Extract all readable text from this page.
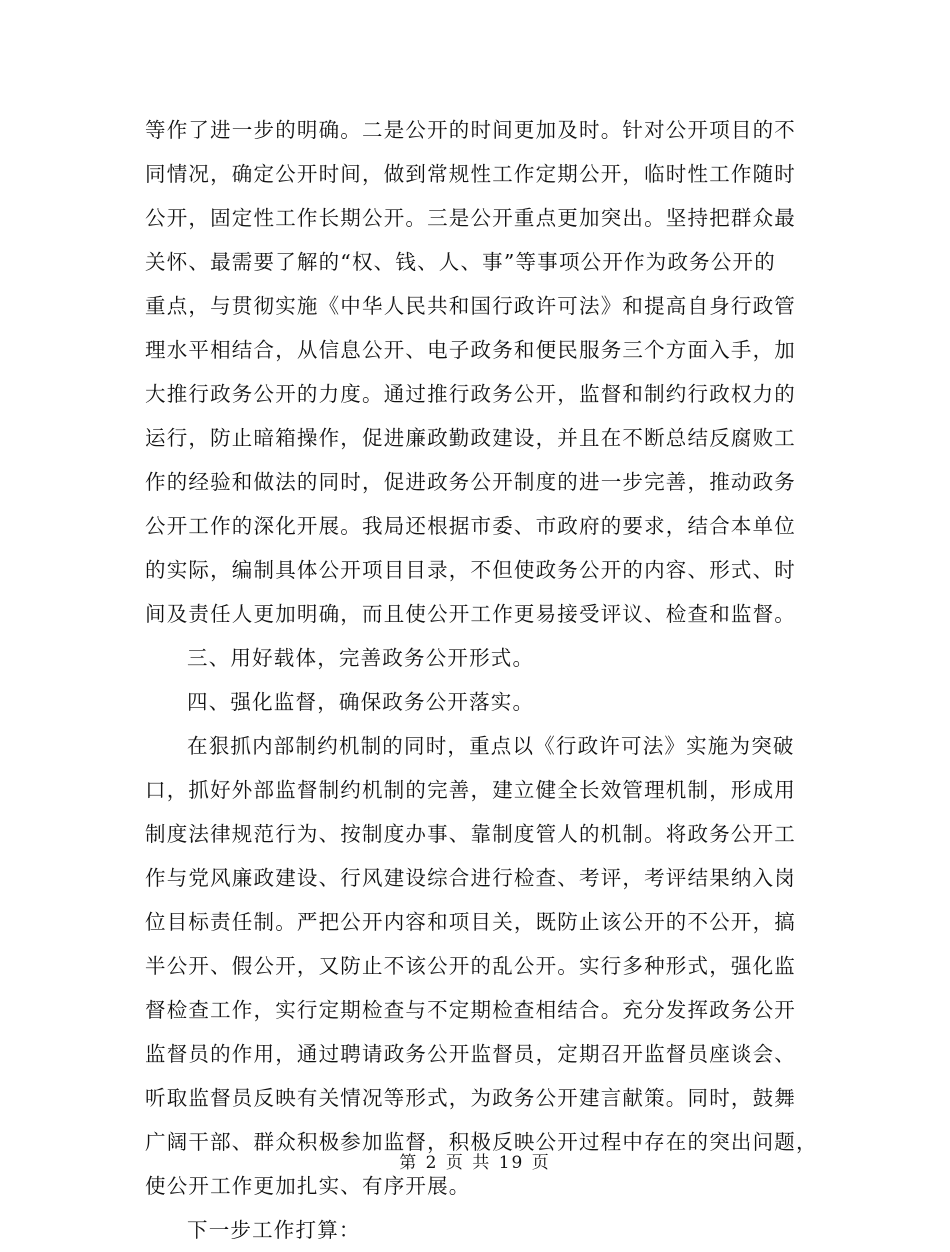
等作了进一步的明确。二是公开的时间更加及时。针对公开项目的不
同情况，确定公开时间，做到常规性工作定期公开，临时性工作随时
公开，固定性工作长期公开。三是公开重点更加突出。坚持把群众最
关怀、最需要了解的“权、钱、人、事”等事项公开作为政务公开的
重点，与贯彻实施《中华人民共和国行政许可法》和提高自身行政管
理水平相结合，从信息公开、电子政务和便民服务三个方面入手，加
大推行政务公开的力度。通过推行政务公开，监督和制约行政权力的
运行，防止暗箱操作，促进廉政勤政建设，并且在不断总结反腐败工
作的经验和做法的同时，促进政务公开制度的进一步完善，推动政务
公开工作的深化开展。我局还根据市委、市政府的要求，结合本单位
的实际，编制具体公开项目目录，不但使政务公开的内容、形式、时
间及责任人更加明确，而且使公开工作更易接受评议、检查和监督。
三、用好载体，完善政务公开形式。
四、强化监督，确保政务公开落实。
在狠抓内部制约机制的同时，重点以《行政许可法》实施为突破
口，抓好外部监督制约机制的完善，建立健全长效管理机制，形成用
制度法律规范行为、按制度办事、靠制度管人的机制。将政务公开工
作与党风廉政建设、行风建设综合进行检查、考评，考评结果纳入岗
位目标责任制。严把公开内容和项目关，既防止该公开的不公开，搞
半公开、假公开，又防止不该公开的乱公开。实行多种形式，强化监
督检查工作，实行定期检查与不定期检查相结合。充分发挥政务公开
监督员的作用，通过聘请政务公开监督员，定期召开监督员座谈会、
听取监督员反映有关情况等形式，为政务公开建言献策。同时，鼓舞
广阔干部、群众积极参加监督，积极反映公开过程中存在的突出问题，
使公开工作更加扎实、有序开展。
下一步工作打算：
第 2 页 共 19 页
